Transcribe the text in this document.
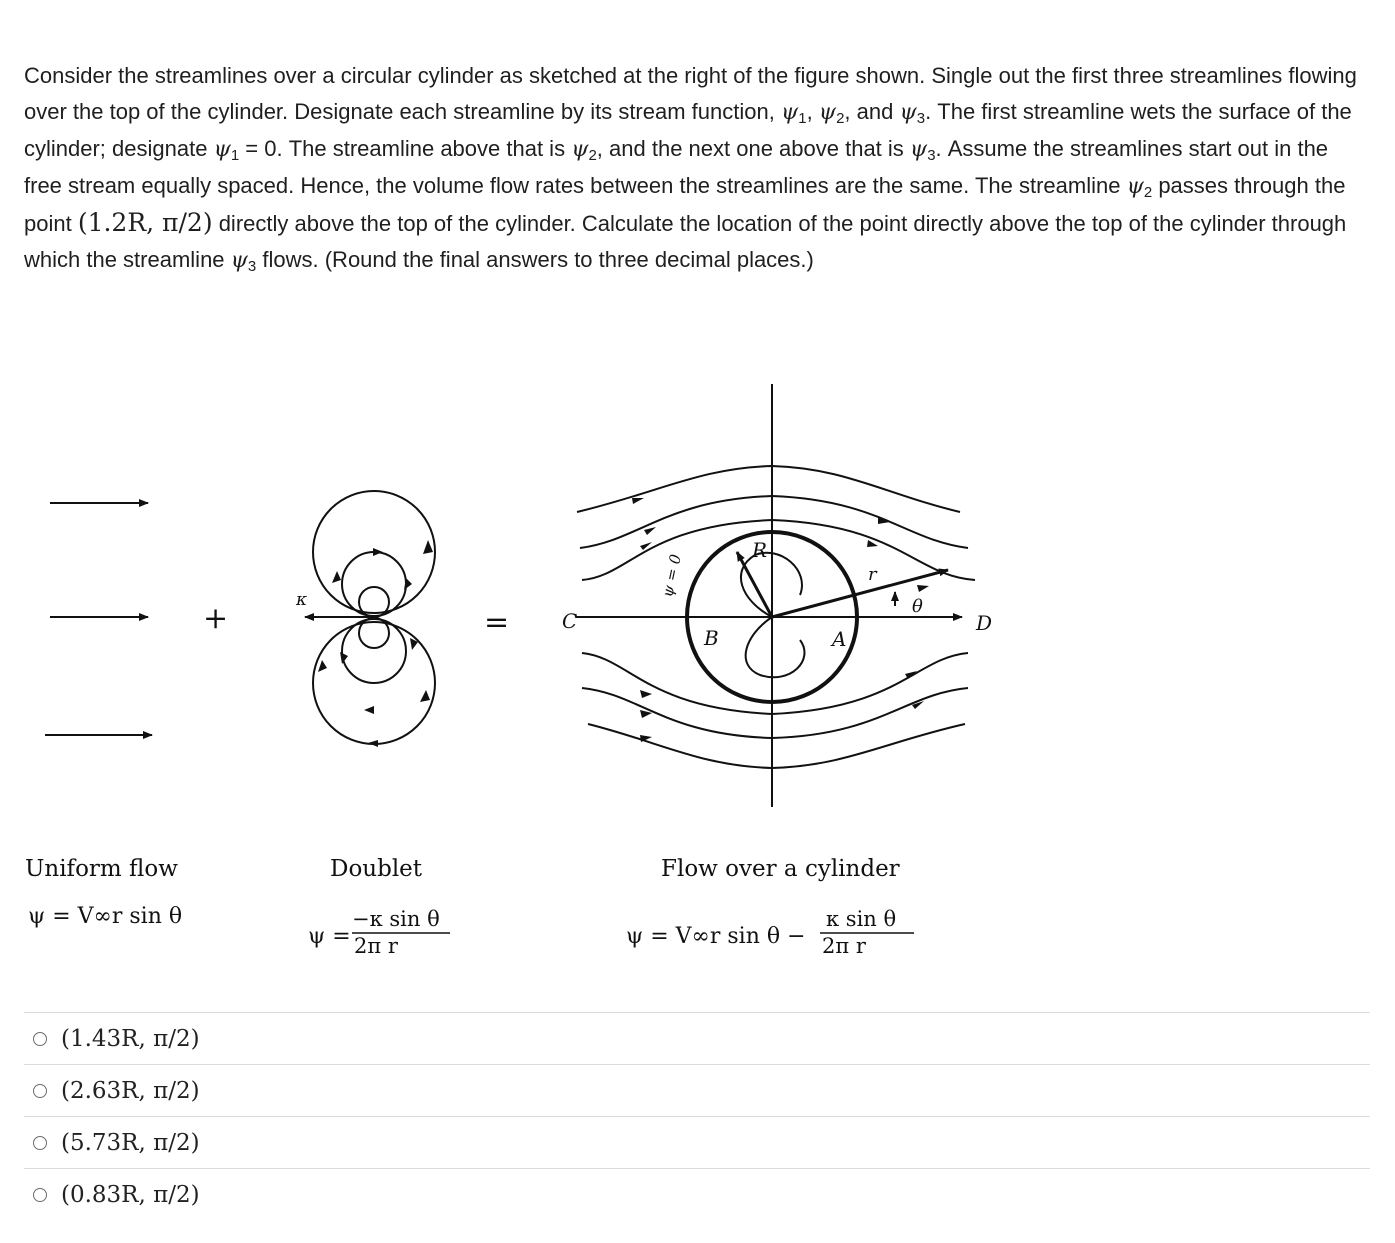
Consider the streamlines over a circular cylinder as sketched at the right of the figure shown. Single out the first three streamlines flowing over the top of the cylinder. Designate each streamline by its stream function, $\psi_1$, $\psi_2$, and $\psi_3$. The first streamline wets the surface of the cylinder; designate $\psi_1 = 0$. The streamline above that is $\psi_2$, and the next one above that is $\psi_3$. Assume the streamlines start out in the free stream equally spaced. Hence, the volume flow rates between the streamlines are the same. The streamline $\psi_2$ passes through the point (1.2R, π/2) directly above the top of the cylinder. Calculate the location of the point directly above the top of the cylinder through which the streamline $\psi_3$ flows. (Round the final answers to three decimal places.)

+
κ
=	C	D
B	A
R
r
θ
ψ = 0
Uniform flow
ψ = V∞r sin θ
Doublet
ψ =
−κ sin θ
2π r
Flow over a cylinder
ψ = V∞r sin θ −
κ sin θ
2π r
(1.43R, π/2)
(2.63R, π/2)
(5.73R, π/2)
(0.83R, π/2)
